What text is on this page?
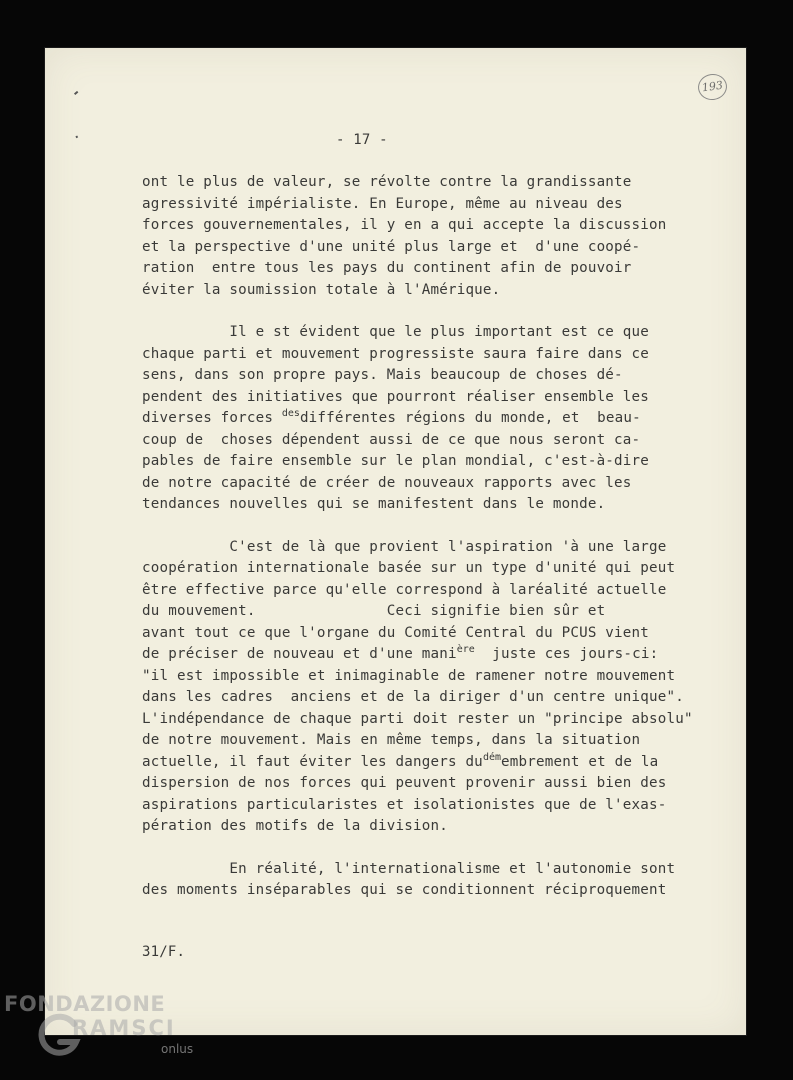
193
- 17 -
ont le plus de valeur, se révolte contre la grandissante
agressivité impérialiste. En Europe, même au niveau des
forces gouvernementales, il y en a qui accepte la discussion
et la perspective d'une unité plus large et  d'une coopé-
ration  entre tous les pays du continent afin de pouvoir
éviter la soumission totale à l'Amérique.
Il e st évident que le plus important est ce que
chaque parti et mouvement progressiste saura faire dans ce
sens, dans son propre pays. Mais beaucoup de choses dé-
pendent des initiatives que pourront réaliser ensemble les
diverses forces $^{des}$différentes régions du monde, et  beau-
coup de  choses dépendent aussi de ce que nous seront ca-
pables de faire ensemble sur le plan mondial, c'est-à-dire
de notre capacité de créer de nouveaux rapports avec les
tendances nouvelles qui se manifestent dans le monde.
C'est de là que provient l'aspiration 'à une large
coopération internationale basée sur un type d'unité qui peut
être effective parce qu'elle correspond à laréalité actuelle
du mouvement.               Ceci signifie bien sûr et
avant tout ce que l'organe du Comité Central du PCUS vient
de préciser de nouveau et d'une mani$^{ère}$  juste ces jours-ci:
"il est impossible et inimaginable de ramener notre mouvement
dans les cadres  anciens et de la diriger d'un centre unique".
L'indépendance de chaque parti doit rester un "principe absolu"
de notre mouvement. Mais en même temps, dans la situation
actuelle, il faut éviter les dangers $du^{dém}embrement$ et de la
dispersion de nos forces qui peuvent provenir aussi bien des
aspirations particularistes et isolationistes que de l'exas-
pération des motifs de la division.
En réalité, l'internationalisme et l'autonomie sont
des moments inséparables qui se conditionnent réciproquement
31/F.
FONDAZIONE
RAMSCI
onlus
